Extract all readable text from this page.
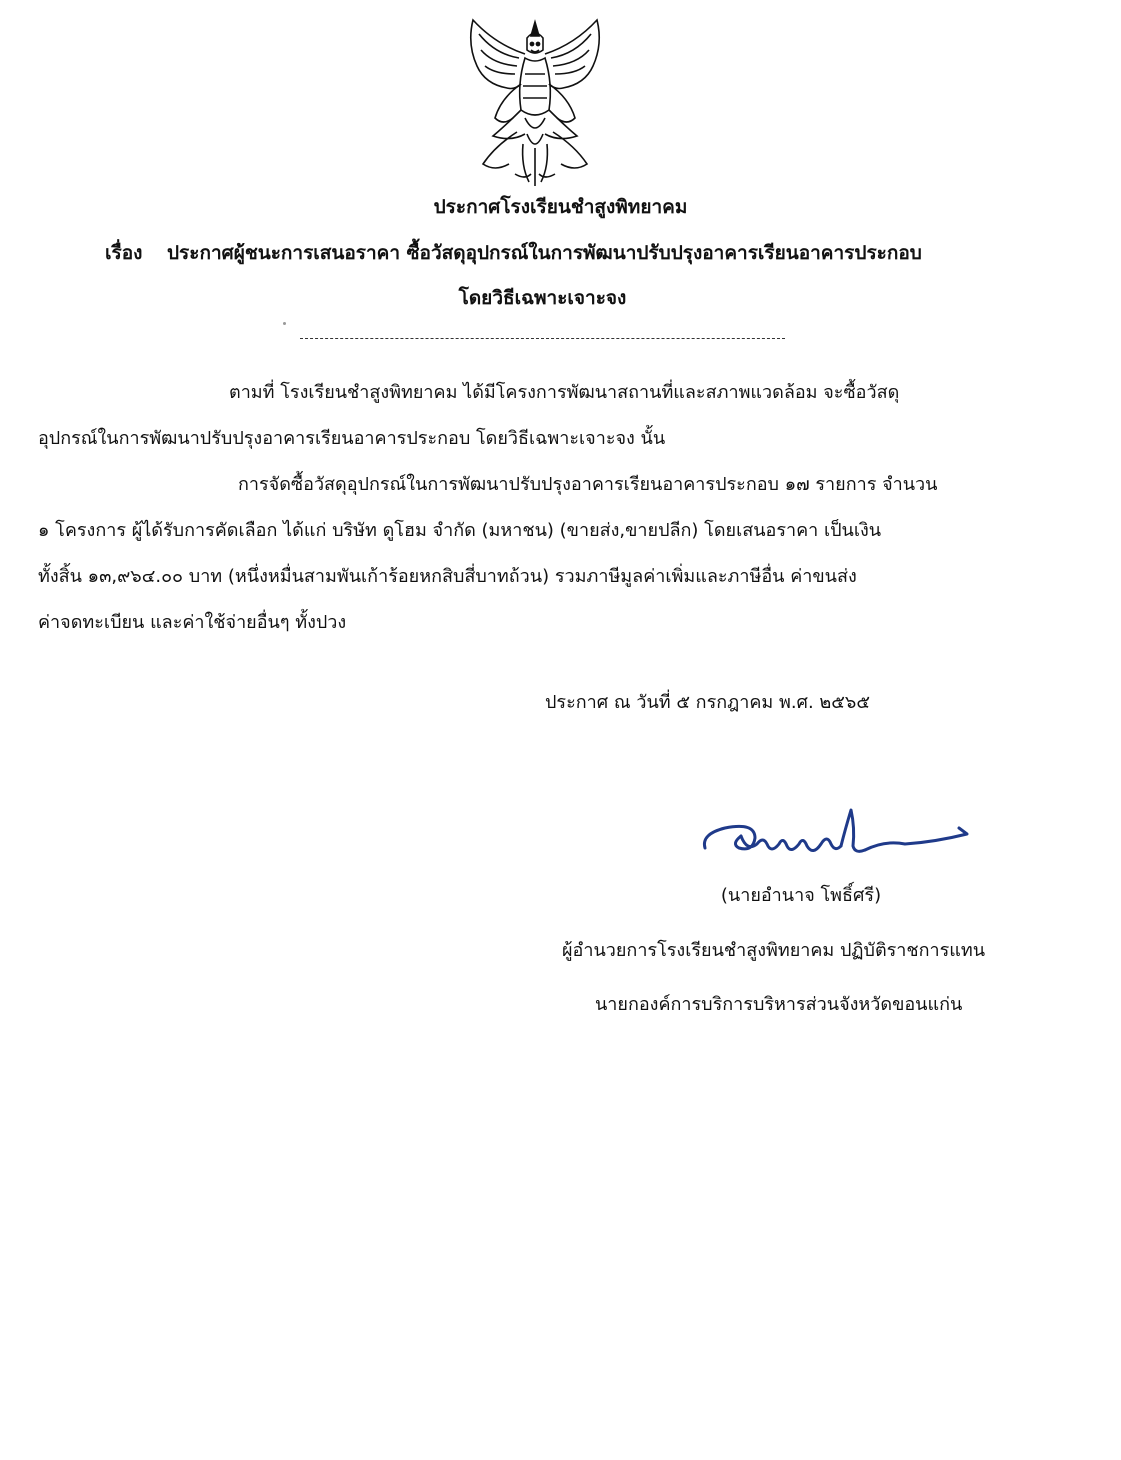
ประกาศโรงเรียนชำสูงพิทยาคม
เรื่อง ประกาศผู้ชนะการเสนอราคา ซื้อวัสดุอุปกรณ์ในการพัฒนาปรับปรุงอาคารเรียนอาคารประกอบ
โดยวิธีเฉพาะเจาะจง

ตามที่ โรงเรียนชำสูงพิทยาคม ได้มีโครงการพัฒนาสถานที่และสภาพแวดล้อม จะซื้อวัสดุ
อุปกรณ์ในการพัฒนาปรับปรุงอาคารเรียนอาคารประกอบ โดยวิธีเฉพาะเจาะจง นั้น

การจัดซื้อวัสดุอุปกรณ์ในการพัฒนาปรับปรุงอาคารเรียนอาคารประกอบ ๑๗ รายการ จำนวน
๑ โครงการ ผู้ได้รับการคัดเลือก ได้แก่ บริษัท ดูโฮม จำกัด (มหาชน) (ขายส่ง,ขายปลีก) โดยเสนอราคา เป็นเงิน
ทั้งสิ้น ๑๓,๙๖๔.๐๐ บาท (หนึ่งหมื่นสามพันเก้าร้อยหกสิบสี่บาทถ้วน) รวมภาษีมูลค่าเพิ่มและภาษีอื่น ค่าขนส่ง
ค่าจดทะเบียน และค่าใช้จ่ายอื่นๆ ทั้งปวง

ประกาศ ณ วันที่ ๕ กรกฎาคม พ.ศ. ๒๕๖๕
(นายอำนาจ โพธิ์ศรี)
ผู้อำนวยการโรงเรียนชำสูงพิทยาคม ปฏิบัติราชการแทน
นายกองค์การบริการบริหารส่วนจังหวัดขอนแก่น
